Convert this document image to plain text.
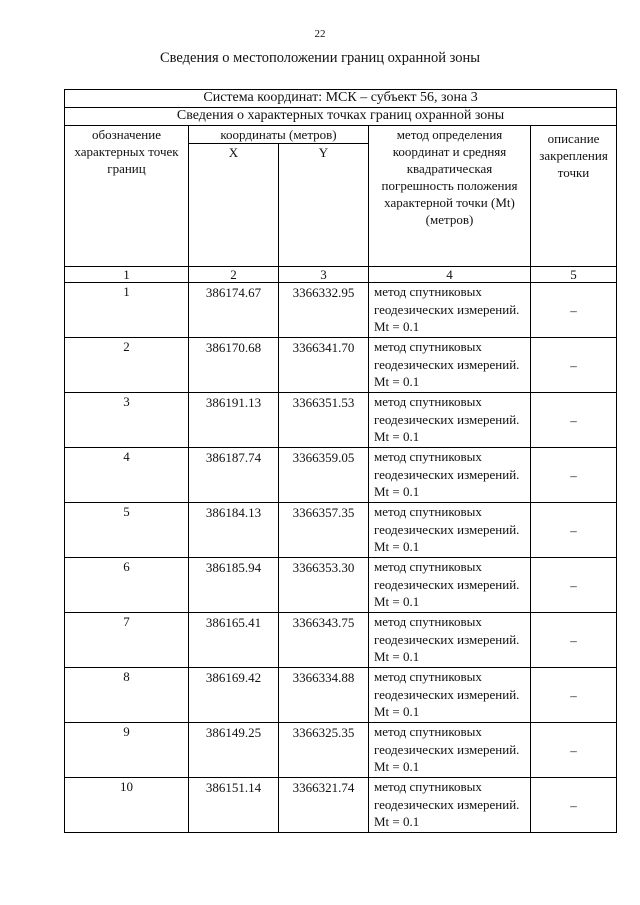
22
Сведения о местоположении границ охранной зоны
Система координат: МСК – субъект 56, зона 3				
Сведения о характерных точках границ охранной зоны				
обозначение характерных точек границ	координаты (метров)		метод определения координат и средняя квадратическая погрешность положения характерной точки (Мt) (метров)	описание закрепления точки
	X	Y		
1	2	3	4	5
1	386174.67	3366332.95	метод спутниковых геодезических измерений. Мt = 0.1	–
2	386170.68	3366341.70	метод спутниковых геодезических измерений. Мt = 0.1	–
3	386191.13	3366351.53	метод спутниковых геодезических измерений. Мt = 0.1	–
4	386187.74	3366359.05	метод спутниковых геодезических измерений. Мt = 0.1	–
5	386184.13	3366357.35	метод спутниковых геодезических измерений. Мt = 0.1	–
6	386185.94	3366353.30	метод спутниковых геодезических измерений. Мt = 0.1	–
7	386165.41	3366343.75	метод спутниковых геодезических измерений. Мt = 0.1	–
8	386169.42	3366334.88	метод спутниковых геодезических измерений. Мt = 0.1	–
9	386149.25	3366325.35	метод спутниковых геодезических измерений. Мt = 0.1	–
10	386151.14	3366321.74	метод спутниковых геодезических измерений. Мt = 0.1	–
